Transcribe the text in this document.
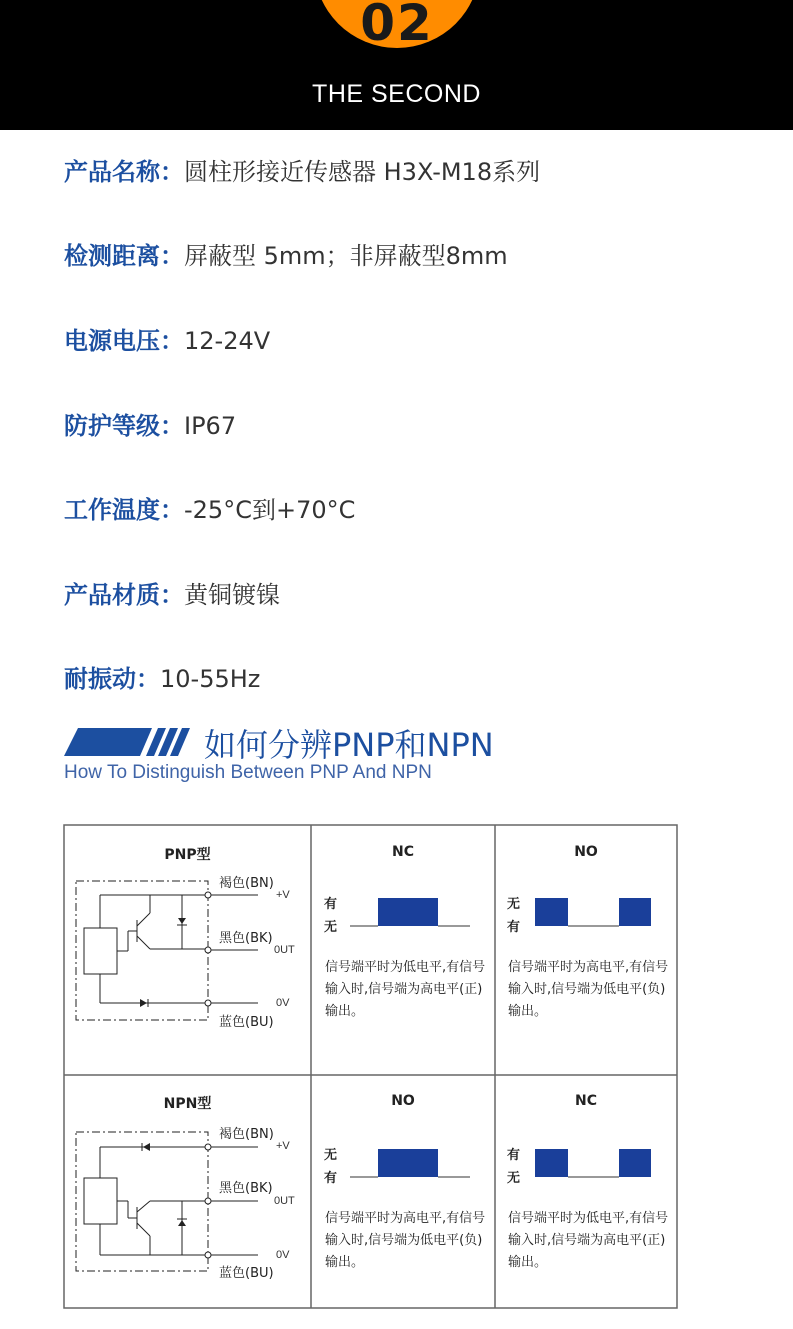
02
THE SECOND
产品名称：圆柱形接近传感器 H3X-M18系列
检测距离：屏蔽型 5mm；非屏蔽型8mm
电源电压：12-24V
防护等级：IP67
工作温度：-25°C到+70°C
产品材质：黄铜镀镍
耐振动：10-55Hz
如何分辨PNP和NPN
How To Distinguish Between PNP And NPN
PNP型
褐色(BN)
+V
黑色(BK)
0UT
0V
蓝色(BU)
NC
有
无
信号端平时为低电平,有信号输入时,信号端为高电平(正)输出。
NO
无
有
信号端平时为高电平,有信号输入时,信号端为低电平(负)输出。
NPN型
褐色(BN)
+V
黑色(BK)
0UT
0V
蓝色(BU)
NO
无
有
信号端平时为高电平,有信号输入时,信号端为低电平(负)输出。
NC
有
无
信号端平时为低电平,有信号输入时,信号端为高电平(正)输出。
